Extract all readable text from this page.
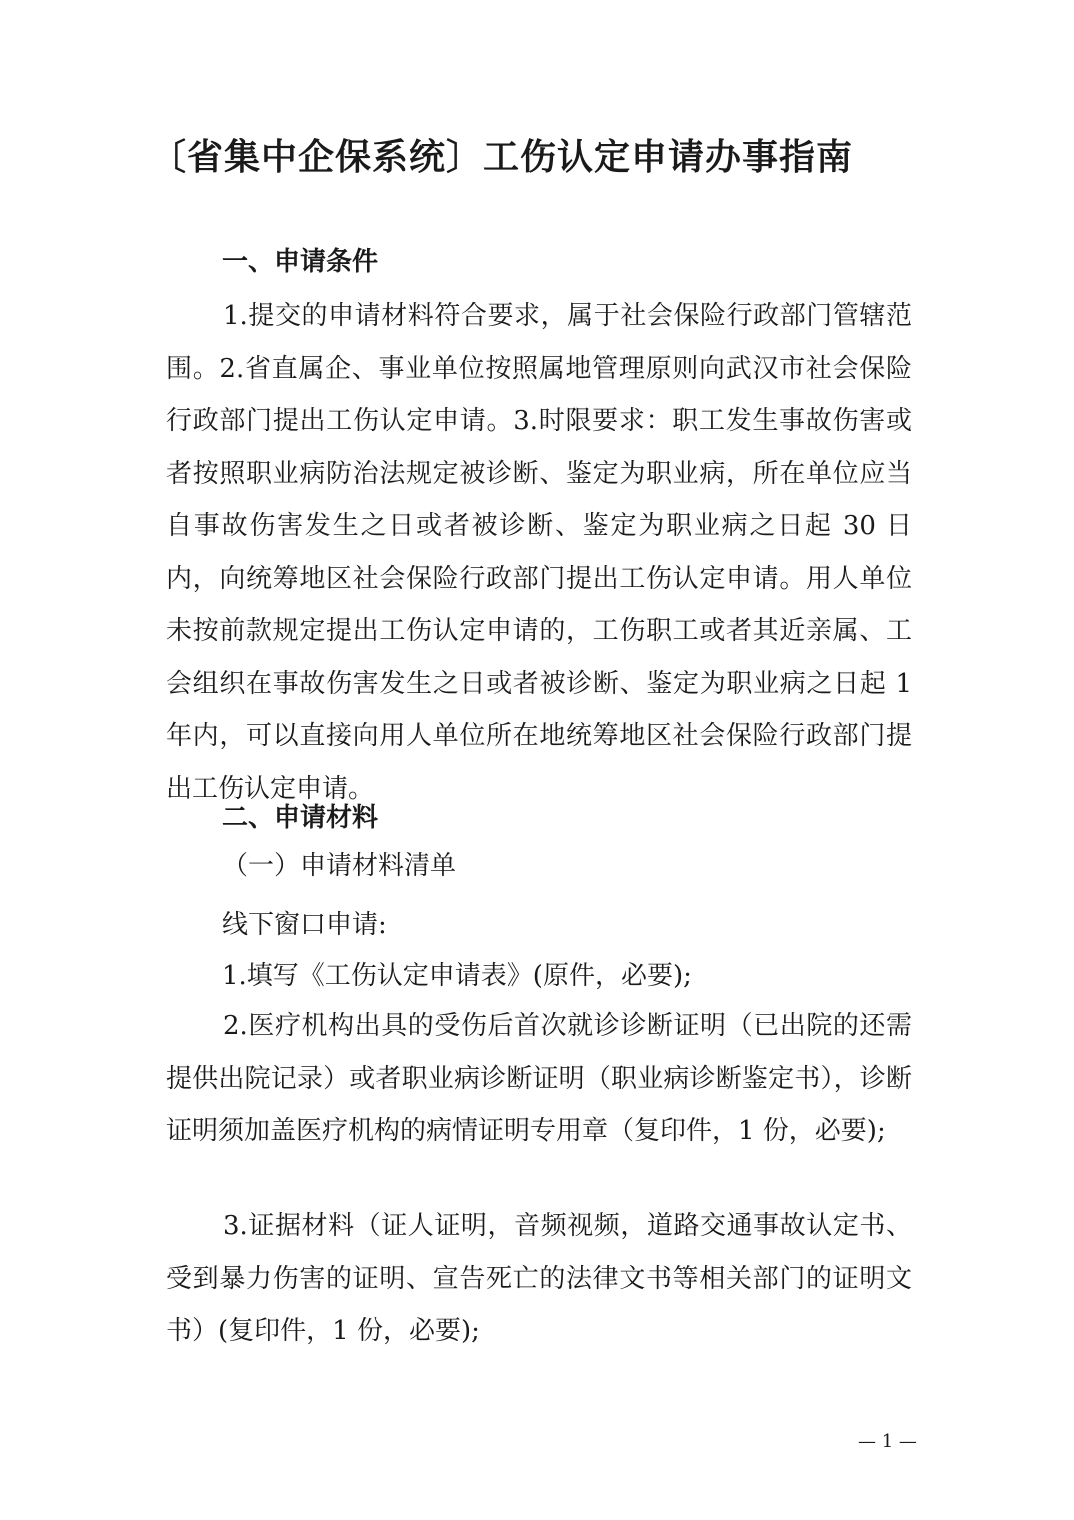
〔省集中企保系统〕工伤认定申请办事指南
一、申请条件
1.提交的申请材料符合要求，属于社会保险行政部门管辖范围。2.省直属企、事业单位按照属地管理原则向武汉市社会保险行政部门提出工伤认定申请。3.时限要求：职工发生事故伤害或者按照职业病防治法规定被诊断、鉴定为职业病，所在单位应当自事故伤害发生之日或者被诊断、鉴定为职业病之日起 30 日内，向统筹地区社会保险行政部门提出工伤认定申请。用人单位未按前款规定提出工伤认定申请的，工伤职工或者其近亲属、工会组织在事故伤害发生之日或者被诊断、鉴定为职业病之日起 1 年内，可以直接向用人单位所在地统筹地区社会保险行政部门提出工伤认定申请。
二、申请材料
（一）申请材料清单
线下窗口申请:
1.填写《工伤认定申请表》(原件，必要);
2.医疗机构出具的受伤后首次就诊诊断证明（已出院的还需提供出院记录）或者职业病诊断证明（职业病诊断鉴定书），诊断证明须加盖医疗机构的病情证明专用章（复印件，1 份，必要);
3.证据材料（证人证明，音频视频，道路交通事故认定书、受到暴力伤害的证明、宣告死亡的法律文书等相关部门的证明文书）(复印件，1 份，必要);
— 1 —
